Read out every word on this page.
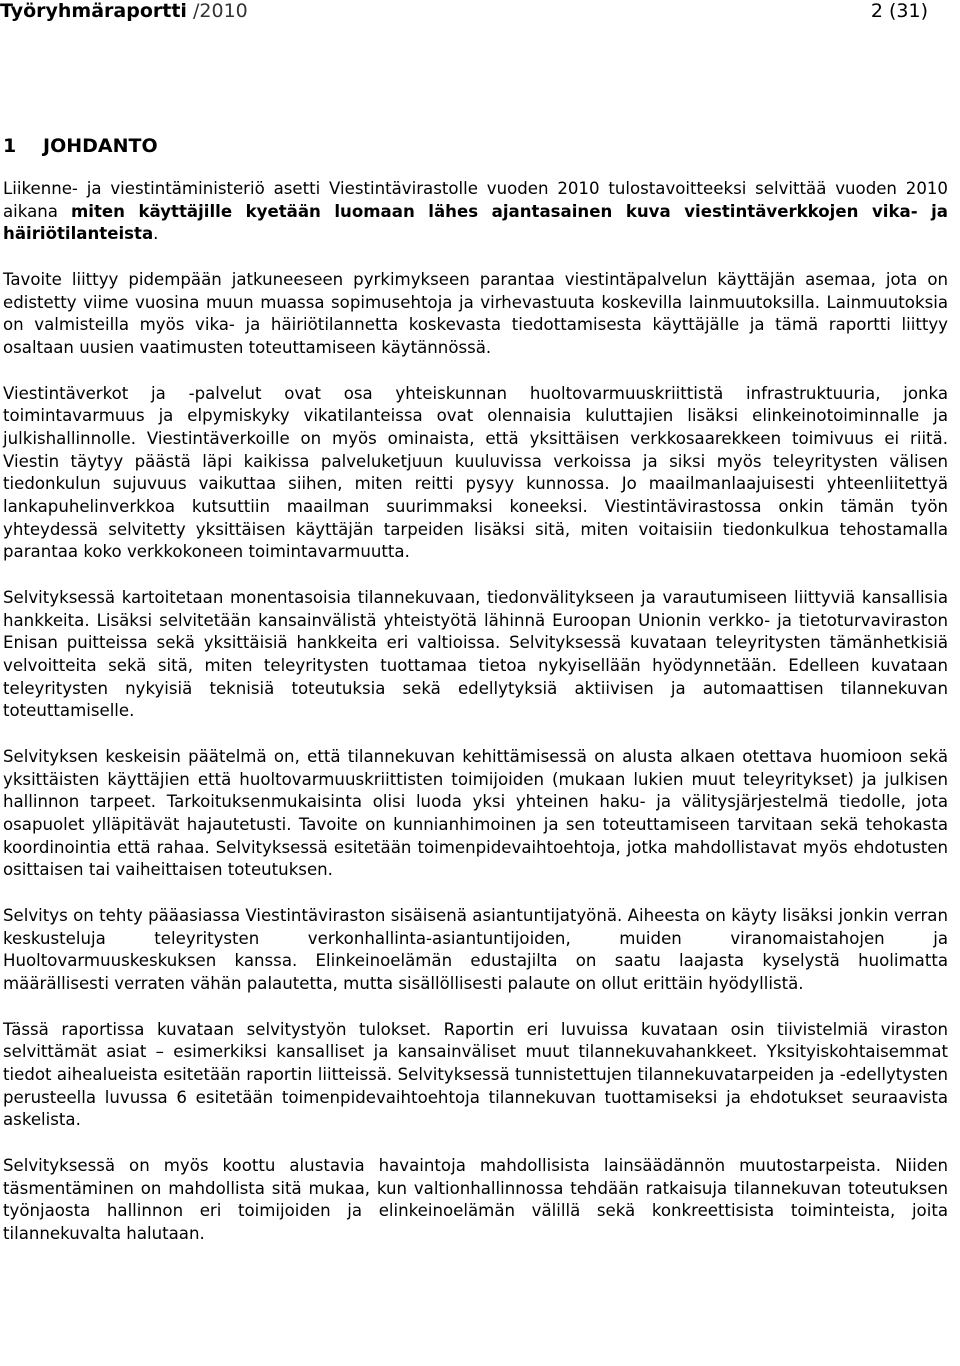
Työryhmäraportti /2010	2 (31)
1 JOHDANTO

Liikenne- ja viestintäministeriö asetti Viestintävirastolle vuoden 2010 tulostavoitteeksi selvittää vuoden 2010 aikana miten käyttäjille kyetään luomaan lähes ajantasainen kuva viestintäverkkojen vika- ja häiriötilanteista.

Tavoite liittyy pidempään jatkuneeseen pyrkimykseen parantaa viestintäpalvelun käyttäjän asemaa, jota on edistetty viime vuosina muun muassa sopimusehtoja ja virhevastuuta koskevilla lainmuutoksilla. Lainmuutoksia on valmisteilla myös vika- ja häiriötilannetta koskevasta tiedottamisesta käyttäjälle ja tämä raportti liittyy osaltaan uusien vaatimusten toteuttamiseen käytännössä.

Viestintäverkot ja -palvelut ovat osa yhteiskunnan huoltovarmuuskriittistä infrastruktuuria, jonka toimintavarmuus ja elpymiskyky vikatilanteissa ovat olennaisia kuluttajien lisäksi elinkeinotoiminnalle ja julkishallinnolle. Viestintäverkoille on myös ominaista, että yksittäisen verkkosaarekkeen toimivuus ei riitä. Viestin täytyy päästä läpi kaikissa palveluketjuun kuuluvissa verkoissa ja siksi myös teleyritysten välisen tiedonkulun sujuvuus vaikuttaa siihen, miten reitti pysyy kunnossa. Jo maailmanlaajuisesti yhteenliitettyä lankapuhelinverkkoa kutsuttiin maailman suurimmaksi koneeksi. Viestintävirastossa onkin tämän työn yhteydessä selvitetty yksittäisen käyttäjän tarpeiden lisäksi sitä, miten voitaisiin tiedonkulkua tehostamalla parantaa koko verkkokoneen toimintavarmuutta.

Selvityksessä kartoitetaan monentasoisia tilannekuvaan, tiedonvälitykseen ja varautumiseen liittyviä kansallisia hankkeita. Lisäksi selvitetään kansainvälistä yhteistyötä lähinnä Euroopan Unionin verkko- ja tietoturvaviraston Enisan puitteissa sekä yksittäisiä hankkeita eri valtioissa. Selvityksessä kuvataan teleyritysten tämänhetkisiä velvoitteita sekä sitä, miten teleyritysten tuottamaa tietoa nykyisellään hyödynnetään. Edelleen kuvataan teleyritysten nykyisiä teknisiä toteutuksia sekä edellytyksiä aktiivisen ja automaattisen tilannekuvan toteuttamiselle.

Selvityksen keskeisin päätelmä on, että tilannekuvan kehittämisessä on alusta alkaen otettava huomioon sekä yksittäisten käyttäjien että huoltovarmuuskriittisten toimijoiden (mukaan lukien muut teleyritykset) ja julkisen hallinnon tarpeet. Tarkoituksenmukaisinta olisi luoda yksi yhteinen haku- ja välitysjärjestelmä tiedolle, jota osapuolet ylläpitävät hajautetusti. Tavoite on kunnianhimoinen ja sen toteuttamiseen tarvitaan sekä tehokasta koordinointia että rahaa. Selvityksessä esitetään toimenpidevaihtoehtoja, jotka mahdollistavat myös ehdotusten osittaisen tai vaiheittaisen toteutuksen.

Selvitys on tehty pääasiassa Viestintäviraston sisäisenä asiantuntijatyönä. Aiheesta on käyty lisäksi jonkin verran keskusteluja teleyritysten verkonhallinta-asiantuntijoiden, muiden viranomaistahojen ja Huoltovarmuuskeskuksen kanssa. Elinkeinoelämän edustajilta on saatu laajasta kyselystä huolimatta määrällisesti verraten vähän palautetta, mutta sisällöllisesti palaute on ollut erittäin hyödyllistä.

Tässä raportissa kuvataan selvitystyön tulokset. Raportin eri luvuissa kuvataan osin tiivistelmiä viraston selvittämät asiat – esimerkiksi kansalliset ja kansainväliset muut tilannekuvahankkeet. Yksityiskohtaisemmat tiedot aihealueista esitetään raportin liitteissä. Selvityksessä tunnistettujen tilannekuvatarpeiden ja -edellytysten perusteella luvussa 6 esitetään toimenpidevaihtoehtoja tilannekuvan tuottamiseksi ja ehdotukset seuraavista askelista.

Selvityksessä on myös koottu alustavia havaintoja mahdollisista lainsäädännön muutostarpeista. Niiden täsmentäminen on mahdollista sitä mukaa, kun valtionhallinnossa tehdään ratkaisuja tilannekuvan toteutuksen työnjaosta hallinnon eri toimijoiden ja elinkeinoelämän välillä sekä konkreettisista toiminteista, joita tilannekuvalta halutaan.
